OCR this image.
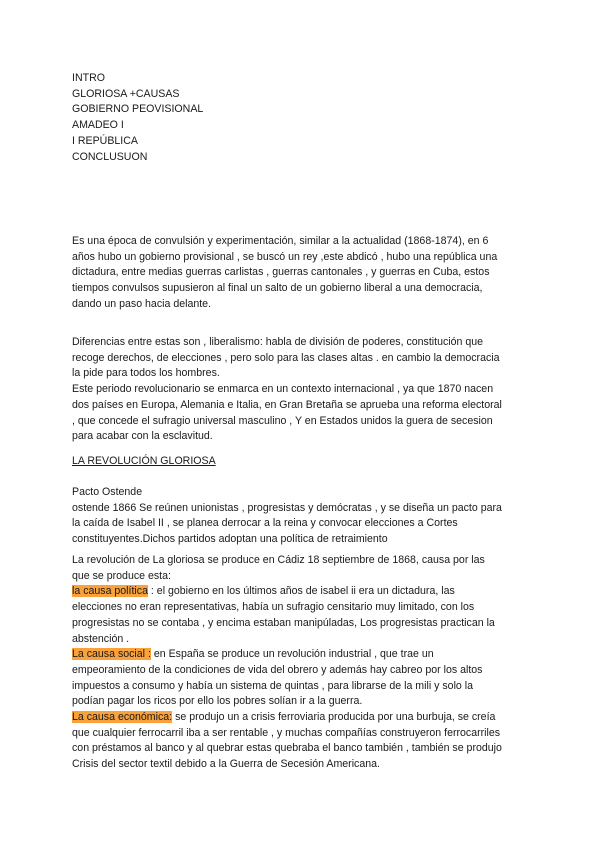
INTRO
GLORIOSA +CAUSAS
GOBIERNO PEOVISIONAL
AMADEO I
I REPÚBLICA
CONCLUSUON
Es una época de convulsión y experimentación, similar a la actualidad (1868-1874), en 6
años hubo un gobierno provisional , se buscó un rey ,este abdicó , hubo una república una
dictadura, entre medias guerras carlistas , guerras cantonales , y guerras en Cuba, estos
tiempos convulsos supusieron al final un salto de un gobierno liberal a una democracia,
dando un paso hacia delante.
Diferencias entre estas son , liberalismo: habla de división de poderes, constitución que
recoge derechos, de elecciones , pero solo para las clases altas . en cambio la democracia
la pide para todos los hombres.
Este periodo revolucionario se enmarca en un contexto internacional , ya que 1870 nacen
dos países en Europa, Alemania e Italia, en Gran Bretaña se aprueba una reforma electoral
, que concede el sufragio universal masculino , Y en Estados unidos la guera de secesion
para acabar con la esclavitud.
LA REVOLUCIÓN GLORIOSA
Pacto Ostende
ostende 1866 Se reúnen unionistas , progresistas y demócratas , y se diseña un pacto para
la caída de Isabel II , se planea derrocar a la reina y convocar elecciones a Cortes
constituyentes.Dichos partidos adoptan una política de retraimiento
La revolución de La gloriosa se produce en Cádiz 18 septiembre de 1868, causa por las
que se produce esta:
la causa política : el gobierno en los últimos años de isabel ii era un dictadura, las
elecciones no eran representativas, había un sufragio censitario muy limitado, con los
progresistas no se contaba , y encima estaban manipúladas, Los progresistas practican la
abstención .
La causa social : en España se produce un revolución industrial , que trae un
empeoramiento de la condiciones de vida del obrero y además hay cabreo por los altos
impuestos a consumo y había un sistema de quintas , para librarse de la mili y solo la
podían pagar los ricos por ello los pobres solían ir a la guerra.
La causa económica: se produjo un a crisis ferroviaria producida por una burbuja, se creía
que cualquier ferrocarril iba a ser rentable , y muchas compañías construyeron ferrocarriles
con préstamos al banco y al quebrar estas quebraba el banco también , también se produjo
Crisis del sector textil debido a la Guerra de Secesión Americana.
